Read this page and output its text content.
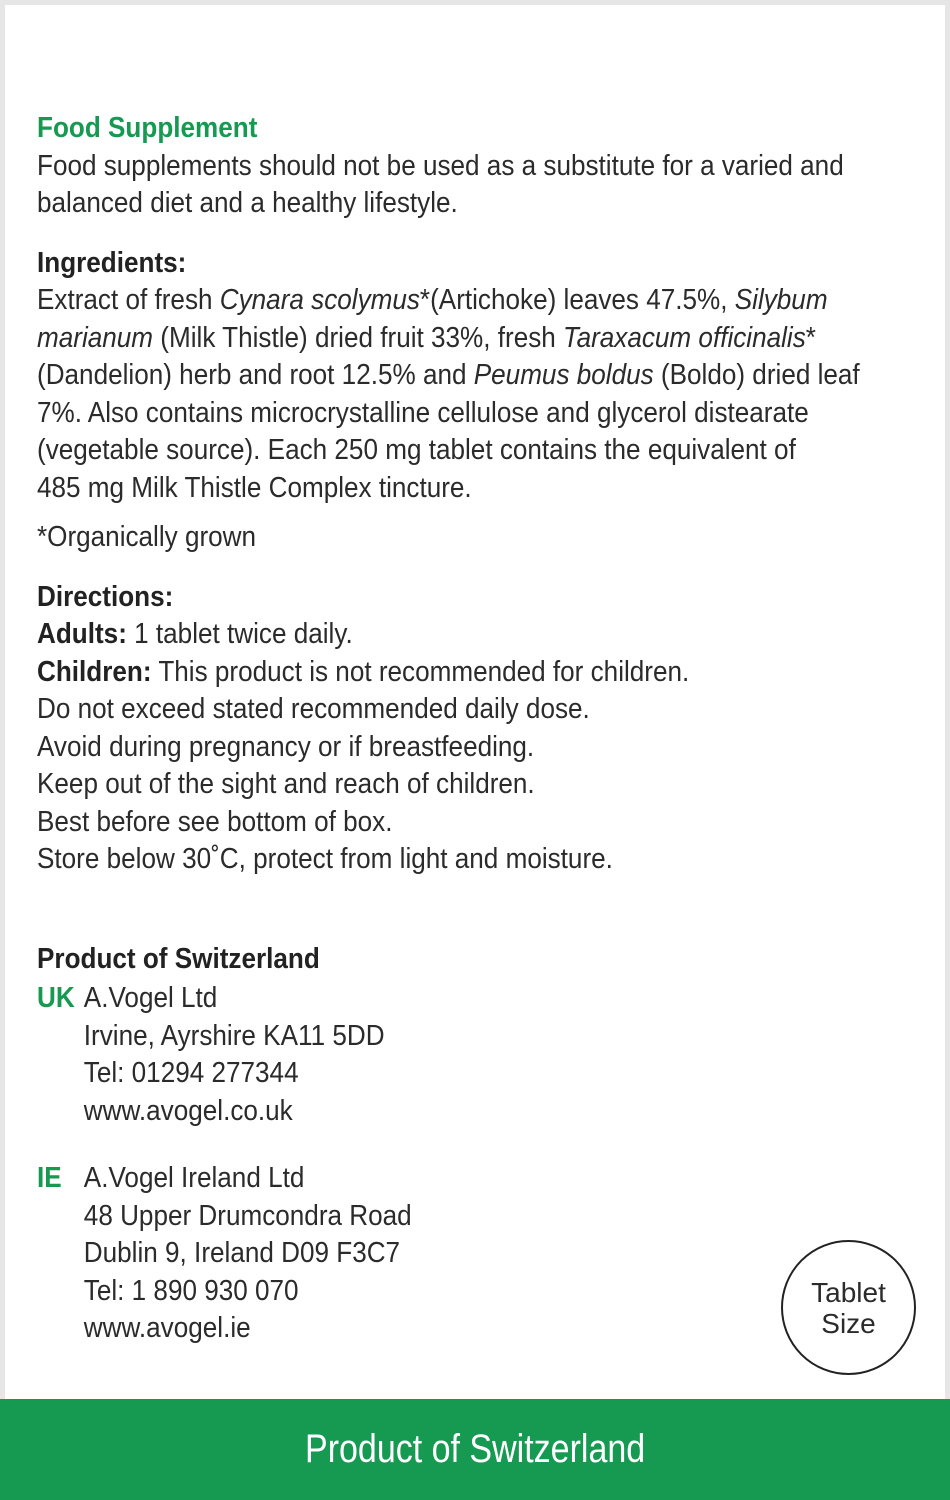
Food Supplement

Food supplements should not be used as a substitute for a varied and

balanced diet and a healthy lifestyle.

Ingredients:

Extract of fresh Cynara scolymus*(Artichoke) leaves 47.5%, Silybum

marianum (Milk Thistle) dried fruit 33%, fresh Taraxacum officinalis*

(Dandelion) herb and root 12.5% and Peumus boldus (Boldo) dried leaf

7%. Also contains microcrystalline cellulose and glycerol distearate

(vegetable source). Each 250 mg tablet contains the equivalent of

485 mg Milk Thistle Complex tincture.

*Organically grown

Directions:

Adults: 1 tablet twice daily.

Children: This product is not recommended for children.

Do not exceed stated recommended daily dose.

Avoid during pregnancy or if breastfeeding.

Keep out of the sight and reach of children.

Best before see bottom of box.

Store below 30˚C, protect from light and moisture.

Product of Switzerland

UK A.Vogel Ltd

Irvine, Ayrshire KA11 5DD

Tel: 01294 277344

www.avogel.co.uk

IE A.Vogel Ireland Ltd

48 Upper Drumcondra Road

Dublin 9, Ireland D09 F3C7

Tel: 1 890 930 070

www.avogel.ie

Tablet
Size
Product of Switzerland
